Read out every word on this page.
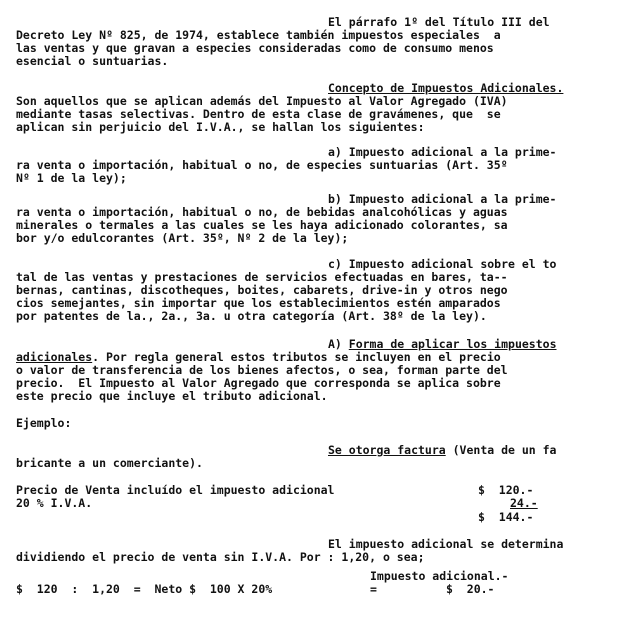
El párrafo 1º del Título III del
Decreto Ley Nº 825, de 1974, establece también impuestos especiales  a
las ventas y que gravan a especies consideradas como de consumo menos
esencial o suntuarias.
Concepto de Impuestos Adicionales.
Son aquellos que se aplican además del Impuesto al Valor Agregado (IVA)
mediante tasas selectivas. Dentro de esta clase de gravámenes, que  se
aplican sin perjuicio del I.V.A., se hallan los siguientes:
a) Impuesto adicional a la prime-
ra venta o importación, habitual o no, de especies suntuarias (Art. 35º
Nº 1 de la ley);
b) Impuesto adicional a la prime-
ra venta o importación, habitual o no, de bebidas analcohólicas y aguas
minerales o termales a las cuales se les haya adicionado colorantes, sa
bor y/o edulcorantes (Art. 35º, Nº 2 de la ley);
c) Impuesto adicional sobre el to
tal de las ventas y prestaciones de servicios efectuadas en bares, ta--
bernas, cantinas, discotheques, boites, cabarets, drive-in y otros nego
cios semejantes, sin importar que los establecimientos estén amparados
por patentes de la., 2a., 3a. u otra categoría (Art. 38º de la ley).
A) Forma de aplicar los impuestos
adicionales. Por regla general estos tributos se incluyen en el precio
o valor de transferencia de los bienes afectos, o sea, forman parte del
precio.  El Impuesto al Valor Agregado que corresponda se aplica sobre
este precio que incluye el tributo adicional.
Ejemplo:
Se otorga factura (Venta de un fa
bricante a un comerciante).
Precio de Venta incluído el impuesto adicional	$  120.-
20 % I.V.A.	24.-
$  144.-
El impuesto adicional se determina
dividiendo el precio de venta sin I.V.A. Por : 1,20, o sea;
Impuesto adicional.-
$  120  :  1,20  =  Neto $  100 X 20%	=	$  20.-
